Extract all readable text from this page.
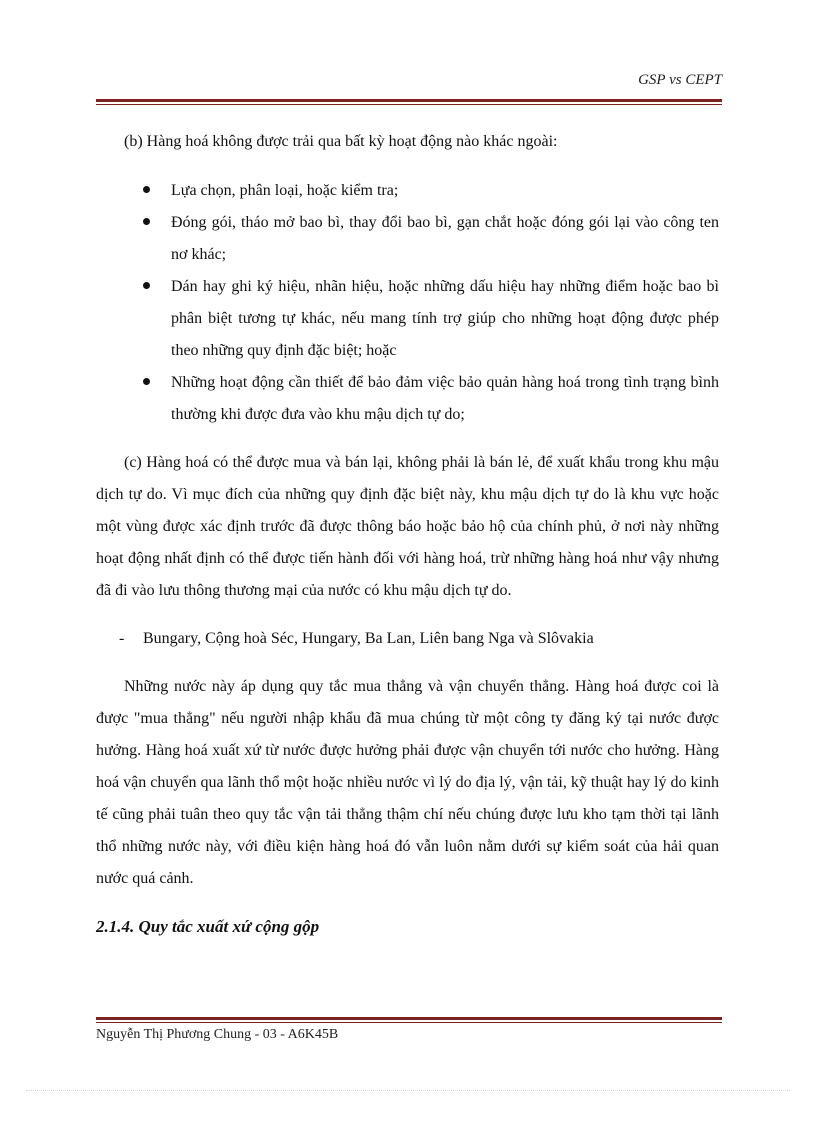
GSP vs CEPT

(b) Hàng hoá không được trải qua bất kỳ hoạt động nào khác ngoài:

Lựa chọn, phân loại, hoặc kiểm tra;
Đóng gói, tháo mở bao bì, thay đổi bao bì, gạn chắt hoặc đóng gói lại vào công ten nơ khác;
Dán hay ghi ký hiệu, nhãn hiệu, hoặc những dấu hiệu hay những điểm hoặc bao bì phân biệt tương tự khác, nếu mang tính trợ giúp cho những hoạt động được phép theo những quy định đặc biệt; hoặc
Những hoạt động cần thiết để bảo đảm việc bảo quản hàng hoá trong tình trạng bình thường khi được đưa vào khu mậu dịch tự do;

(c) Hàng hoá có thể được mua và bán lại, không phải là bán lẻ, để xuất khẩu trong khu mậu dịch tự do. Vì mục đích của những quy định đặc biệt này, khu mậu dịch tự do là khu vực hoặc một vùng được xác định trước đã được thông báo hoặc bảo hộ của chính phủ, ở nơi này những hoạt động nhất định có thể được tiến hành đối với hàng hoá, trừ những hàng hoá như vậy nhưng đã đi vào lưu thông thương mại của nước có khu mậu dịch tự do.

- Bungary, Cộng hoà Séc, Hungary, Ba Lan, Liên bang Nga và Slôvakia

Những nước này áp dụng quy tắc mua thẳng và vận chuyển thẳng. Hàng hoá được coi là được "mua thẳng" nếu người nhập khẩu đã mua chúng từ một công ty đăng ký tại nước được hưởng. Hàng hoá xuất xứ từ nước được hưởng phải được vận chuyển tới nước cho hưởng. Hàng hoá vận chuyển qua lãnh thổ một hoặc nhiều nước vì lý do địa lý, vận tải, kỹ thuật hay lý do kinh tế cũng phải tuân theo quy tắc vận tải thẳng thậm chí nếu chúng được lưu kho tạm thời tại lãnh thổ những nước này, với điều kiện hàng hoá đó vẫn luôn nằm dưới sự kiểm soát của hải quan nước quá cảnh.

2.1.4. Quy tắc xuất xứ cộng gộp
Nguyễn Thị Phương Chung - 03 - A6K45B
